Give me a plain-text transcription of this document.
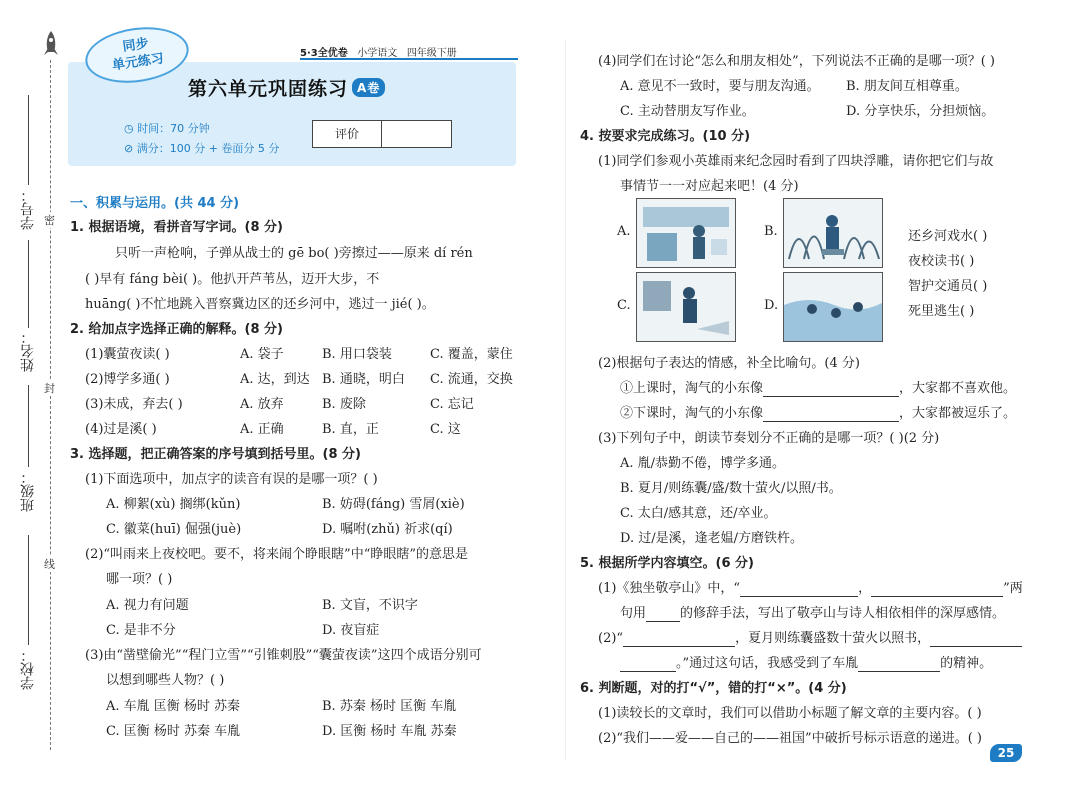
学号：
姓名：
班级：
学校：
密
封
线
5·3全优卷 小学语文 四年级下册
第六单元巩固练习 A卷
◷ 时间：70 分钟
⊘ 满分：100 分 + 卷面分 5 分
评价
同步
单元练习
一、积累与运用。(共 44 分)
1. 根据语境，看拼音写字词。(8 分)
只听一声枪响，子弹从战士的 gē bo( )旁擦过——原来 dí rén
( )早有 fáng bèi( )。他扒开芦苇丛，迈开大步，不
huāng( )不忙地跳入晋察冀边区的还乡河中，逃过一 jié( )。
2. 给加点字选择正确的解释。(8 分)
(1)囊萤夜读( )	A. 袋子	B. 用口袋装	C. 覆盖，蒙住
(2)博学多通( )	A. 达，到达 B. 通晓，明白 C. 流通，交换
(3)未成，弃去( )	A. 放弃	B. 废除	C. 忘记
(4)过是溪( )	A. 正确	B. 直，正	C. 这
3. 选择题，把正确答案的序号填到括号里。(8 分)
(1)下面选项中，加点字的读音有误的是哪一项？( )
A. 柳絮(xù) 搁绑(kǔn)	B. 妨碍(fáng) 雪屑(xiè)
C. 徽菜(huī) 倔强(juè)	D. 嘱咐(zhǔ) 祈求(qí)
(2)“叫雨来上夜校吧。要不，将来闹个睁眼瞎”中“睁眼瞎”的意思是
哪一项？( )
A. 视力有问题	B. 文盲，不识字
C. 是非不分	D. 夜盲症
(3)由“凿壁偷光”“程门立雪”“引锥刺股”“囊萤夜读”这四个成语分别可
以想到哪些人物？( )
A. 车胤 匡衡 杨时 苏秦	B. 苏秦 杨时 匡衡 车胤
C. 匡衡 杨时 苏秦 车胤	D. 匡衡 杨时 车胤 苏秦
(4)同学们在讨论“怎么和朋友相处”，下列说法不正确的是哪一项？( )
A. 意见不一致时，要与朋友沟通。 B. 朋友间互相尊重。
C. 主动替朋友写作业。	D. 分享快乐，分担烦恼。
4. 按要求完成练习。(10 分)
(1)同学们参观小英雄雨来纪念园时看到了四块浮雕，请你把它们与故
事情节一一对应起来吧！(4 分)
A.	B.
C.	D.
还乡河戏水( )
夜校读书( )
智护交通员( )
死里逃生( )
(2)根据句子表达的情感，补全比喻句。(4 分)
①上课时，淘气的小东像	，大家都不喜欢他。
②下课时，淘气的小东像	，大家都被逗乐了。
(3)下列句子中，朗读节奏划分不正确的是哪一项？( )(2 分)
A. 胤/恭勤不倦，博学多通。
B. 夏月/则练囊/盛/数十萤火/以照/书。
C. 太白/感其意，还/卒业。
D. 过/是溪，逢老媪/方磨铁杵。
5. 根据所学内容填空。(6 分)
(1)《独坐敬亭山》中，“	，	”两
句用	的修辞手法，写出了敬亭山与诗人相依相伴的深厚感情。
(2)“	，夏月则练囊盛数十萤火以照书，
。”通过这句话，我感受到了车胤	的精神。
6. 判断题，对的打“√”，错的打“×”。(4 分)
(1)读较长的文章时，我们可以借助小标题了解文章的主要内容。( )
(2)“我们——爱——自己的——祖国”中破折号标示语意的递进。( )
25
